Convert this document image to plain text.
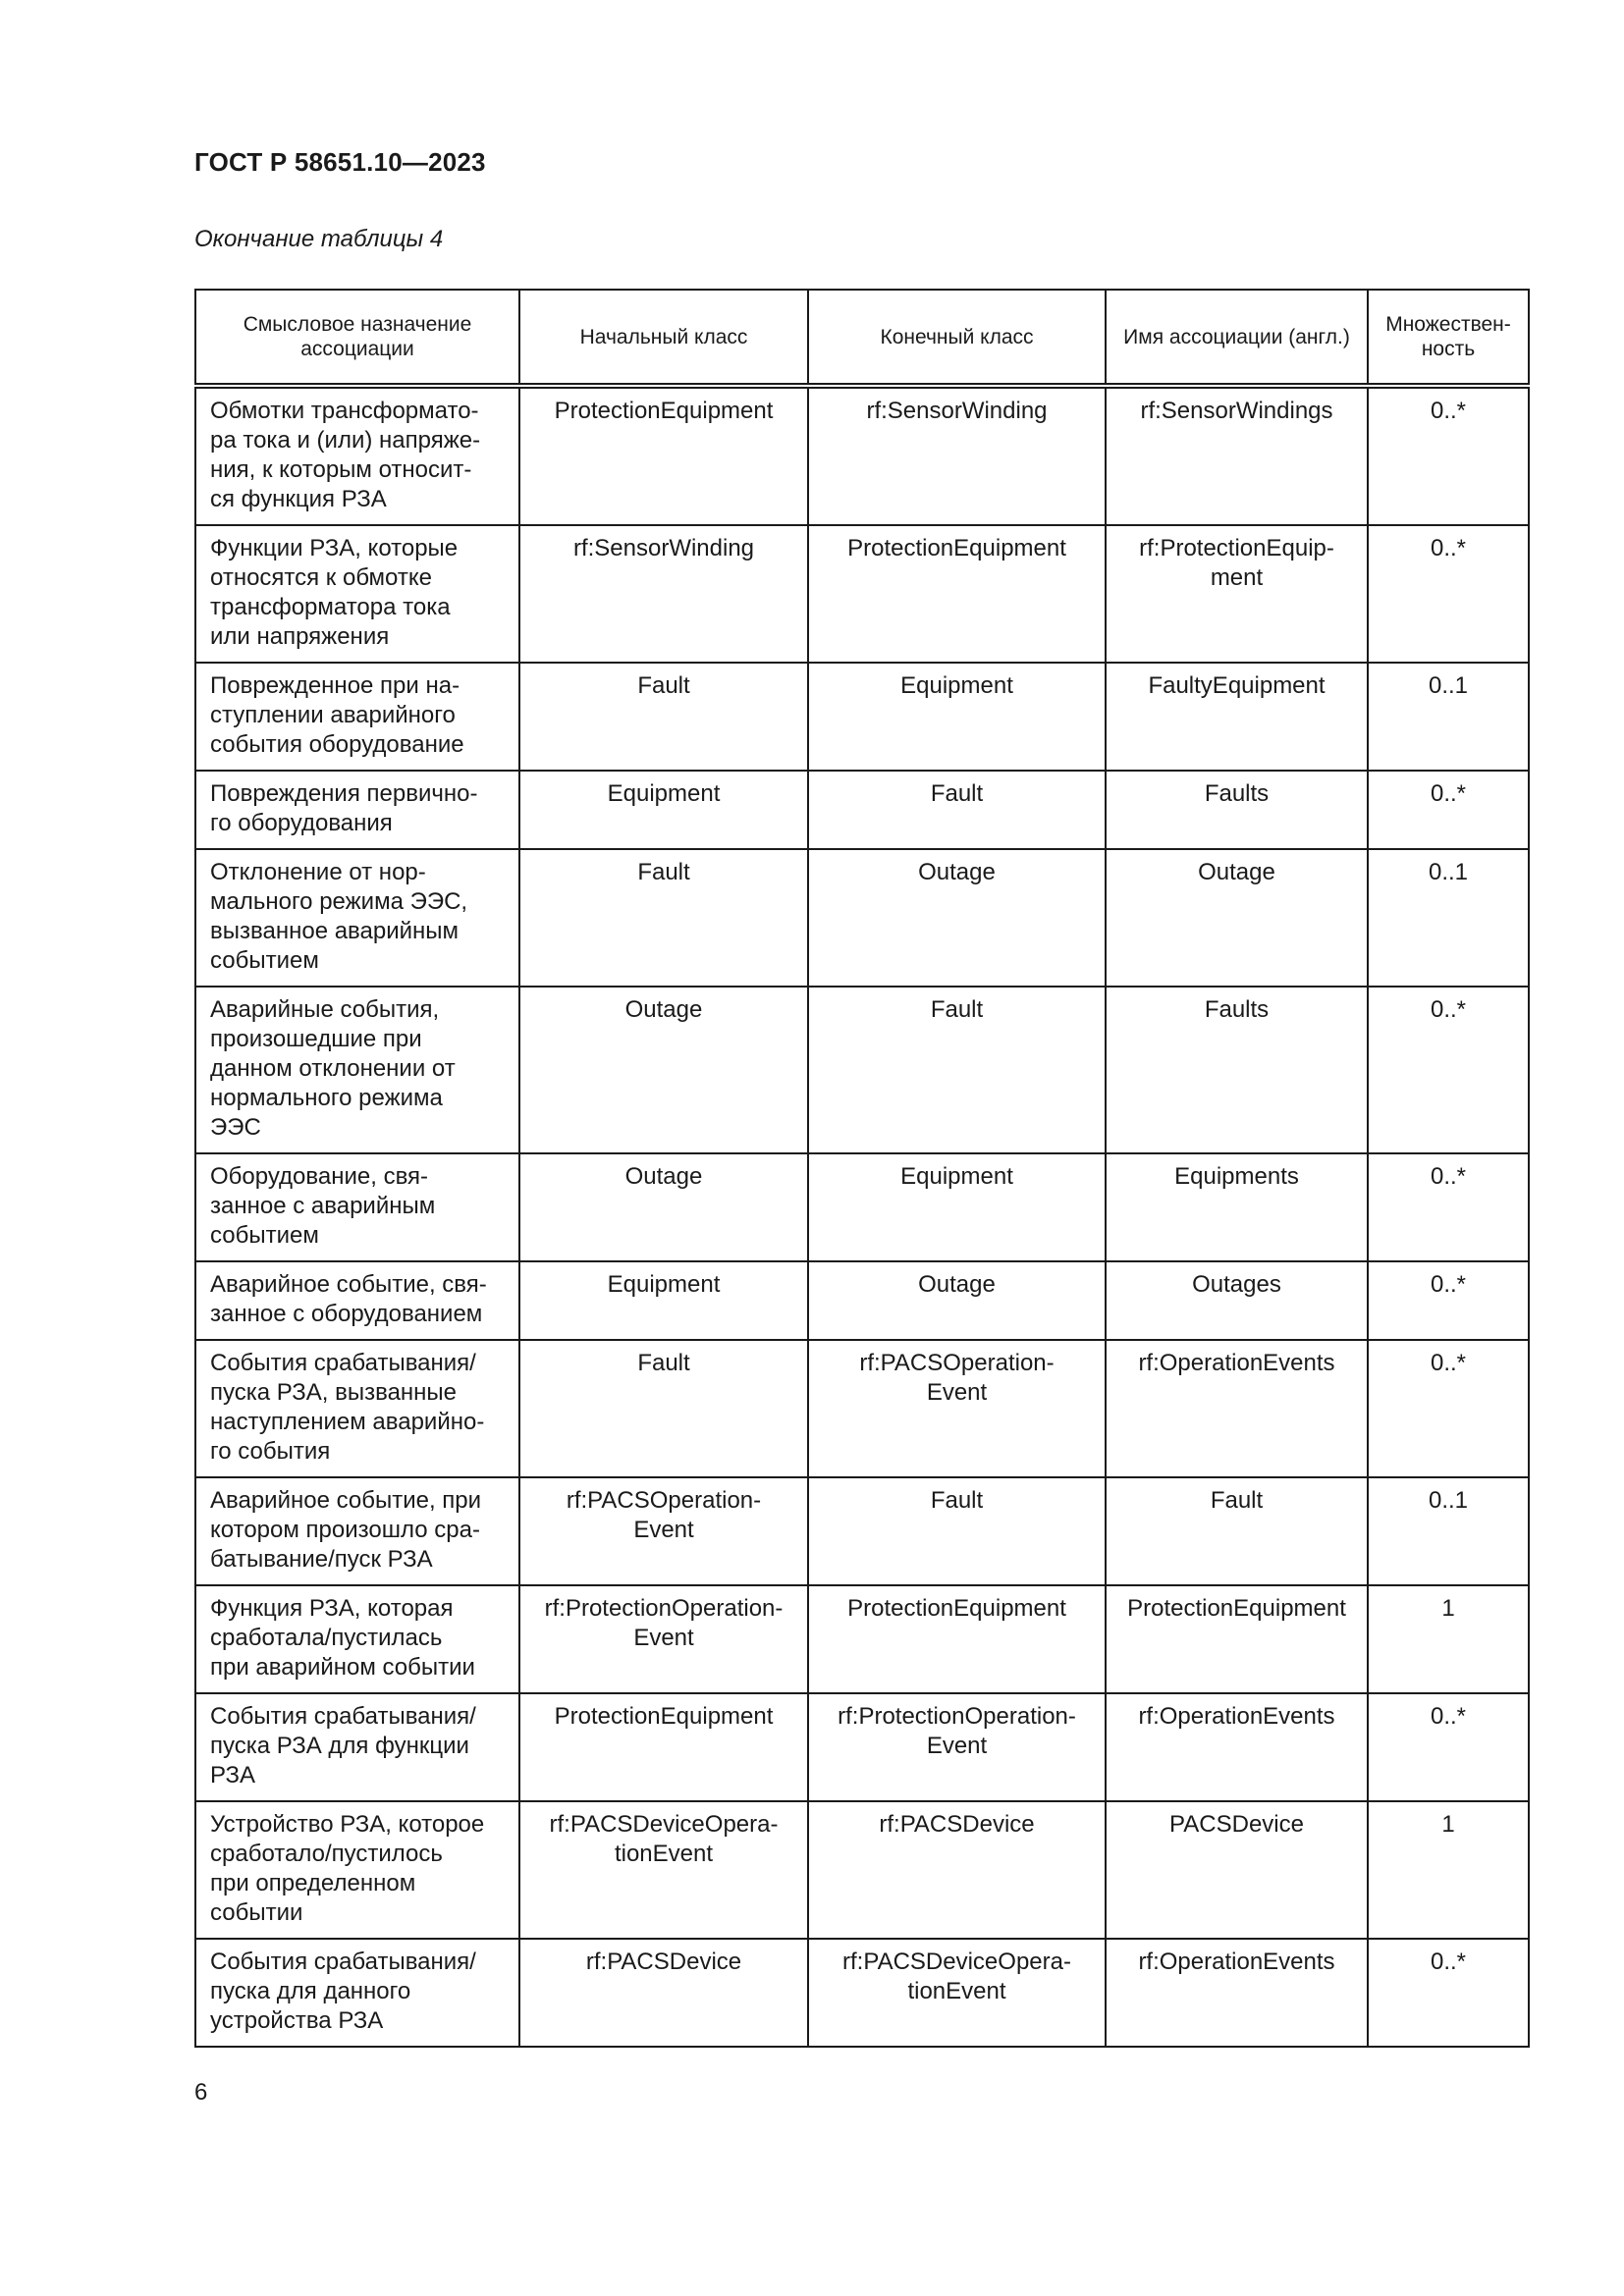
ГОСТ Р 58651.10—2023
Окончание таблицы 4
Смысловое назначение
ассоциации	Начальный класс	Конечный класс	Имя ассоциации (англ.)	Множествен-
ность
Обмотки трансформато-
ра тока и (или) напряже-
ния, к которым относит-
ся функция РЗА	ProtectionEquipment	rf:SensorWinding	rf:SensorWindings	0..*
Функции РЗА, которые
относятся к обмотке
трансформатора тока
или напряжения	rf:SensorWinding	ProtectionEquipment	rf:ProtectionEquip-
ment	0..*
Поврежденное при на-
ступлении аварийного
события оборудование	Fault	Equipment	FaultyEquipment	0..1
Повреждения первично-
го оборудования	Equipment	Fault	Faults	0..*
Отклонение от нор-
мального режима ЭЭС,
вызванное аварийным
событием	Fault	Outage	Outage	0..1
Аварийные события,
произошедшие при
данном отклонении от
нормального режима
ЭЭС	Outage	Fault	Faults	0..*
Оборудование, свя-
занное с аварийным
событием	Outage	Equipment	Equipments	0..*
Аварийное событие, свя-
занное с оборудованием	Equipment	Outage	Outages	0..*
События срабатывания/
пуска РЗА, вызванные
наступлением аварийно-
го события	Fault	rf:PACSOperation-
Event	rf:OperationEvents	0..*
Аварийное событие, при
котором произошло сра-
батывание/пуск РЗА	rf:PACSOperation-
Event	Fault	Fault	0..1
Функция РЗА, которая
сработала/пустилась
при аварийном событии	rf:ProtectionOperation-
Event	ProtectionEquipment	ProtectionEquipment	1
События срабатывания/
пуска РЗА для функции
РЗА	ProtectionEquipment	rf:ProtectionOperation-
Event	rf:OperationEvents	0..*
Устройство РЗА, которое
сработало/пустилось
при определенном
событии	rf:PACSDeviceOpera-
tionEvent	rf:PACSDevice	PACSDevice	1
События срабатывания/
пуска для данного
устройства РЗА	rf:PACSDevice	rf:PACSDeviceOpera-
tionEvent	rf:OperationEvents	0..*
6
